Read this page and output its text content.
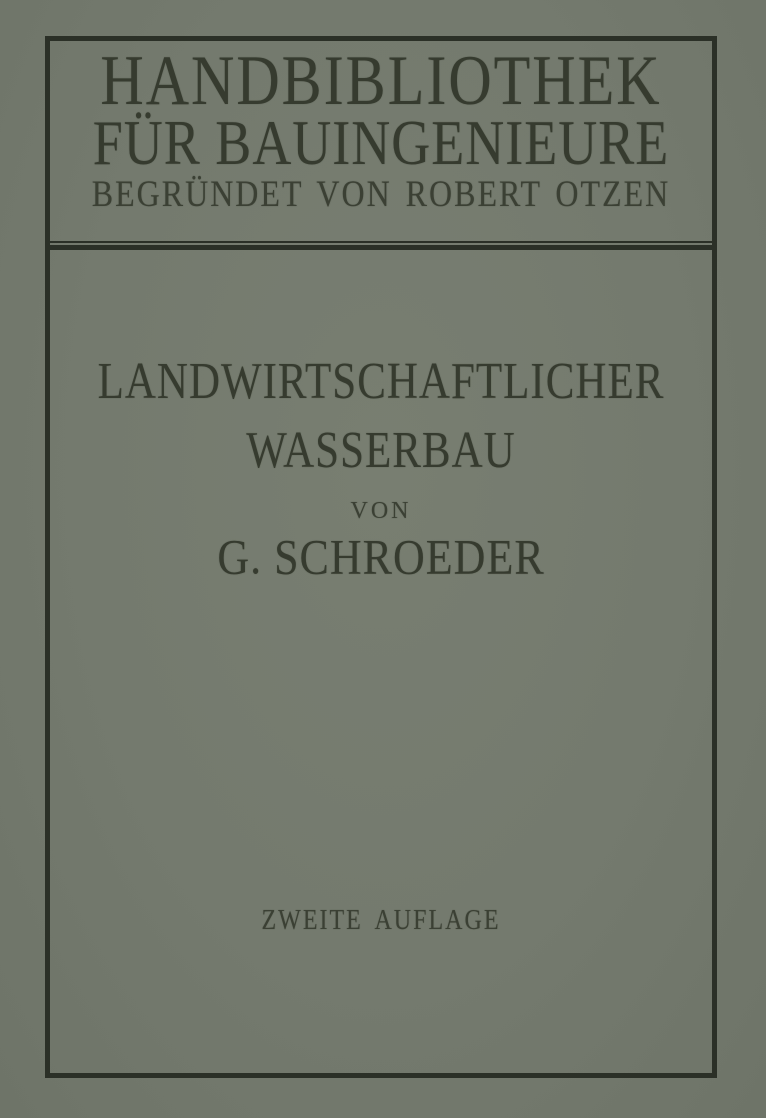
HANDBIBLIOTHEK
FÜR BAUINGENIEURE
BEGRÜNDET VON ROBERT OTZEN
LANDWIRTSCHAFTLICHER
WASSERBAU
VON
G. SCHROEDER
ZWEITE AUFLAGE
